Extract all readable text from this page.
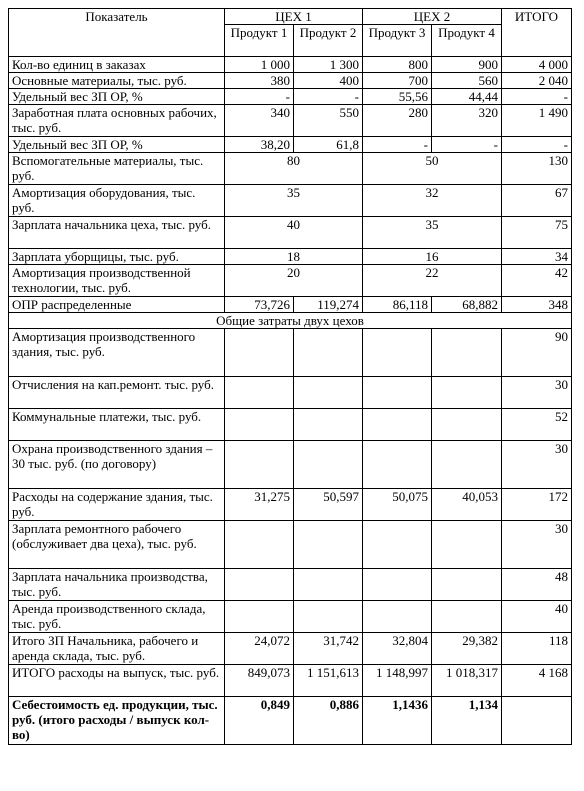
Показатель	ЦЕХ 1		ЦЕХ 2		ИТОГО
	Продукт 1	Продукт 2	Продукт 3	Продукт 4	
Кол-во единиц в заказах	1 000	1 300	800	900	4 000
Основные материалы, тыс. руб.	380	400	700	560	2 040
Удельный вес ЗП ОР, %	-	-	55,56	44,44	-
Заработная плата основных рабочих, тыс. руб.	340	550	280	320	1 490
Удельный вес ЗП ОР, %	38,20	61,8	-	-	-
Вспомогательные материалы, тыс. руб.	80		50		130
Амортизация оборудования, тыс. руб.	35		32		67
Зарплата начальника цеха, тыс. руб.	40		35		75
Зарплата уборщицы, тыс. руб.	18		16		34
Амортизация производственной технологии, тыс. руб.	20		22		42
ОПР распределенные	73,726	119,274	86,118	68,882	348
Общие затраты двух цехов					
Амортизация производственного здания, тыс. руб.					90
Отчисления на кап.ремонт. тыс. руб.					30
Коммунальные платежи, тыс. руб.					52
Охрана производственного здания – 30 тыс. руб. (по договору)					30
Расходы на содержание здания, тыс. руб.	31,275	50,597	50,075	40,053	172
Зарплата ремонтного рабочего (обслуживает два цеха), тыс. руб.					30
Зарплата начальника производства, тыс. руб.					48
Аренда производственного склада, тыс. руб.					40
Итого ЗП Начальника, рабочего и аренда склада, тыс. руб.	24,072	31,742	32,804	29,382	118
ИТОГО расходы на выпуск, тыс. руб.	849,073	1 151,613	1 148,997	1 018,317	4 168
Себестоимость ед. продукции, тыс. руб. (итого расходы / выпуск кол-во)	0,849	0,886	1,1436	1,134	
